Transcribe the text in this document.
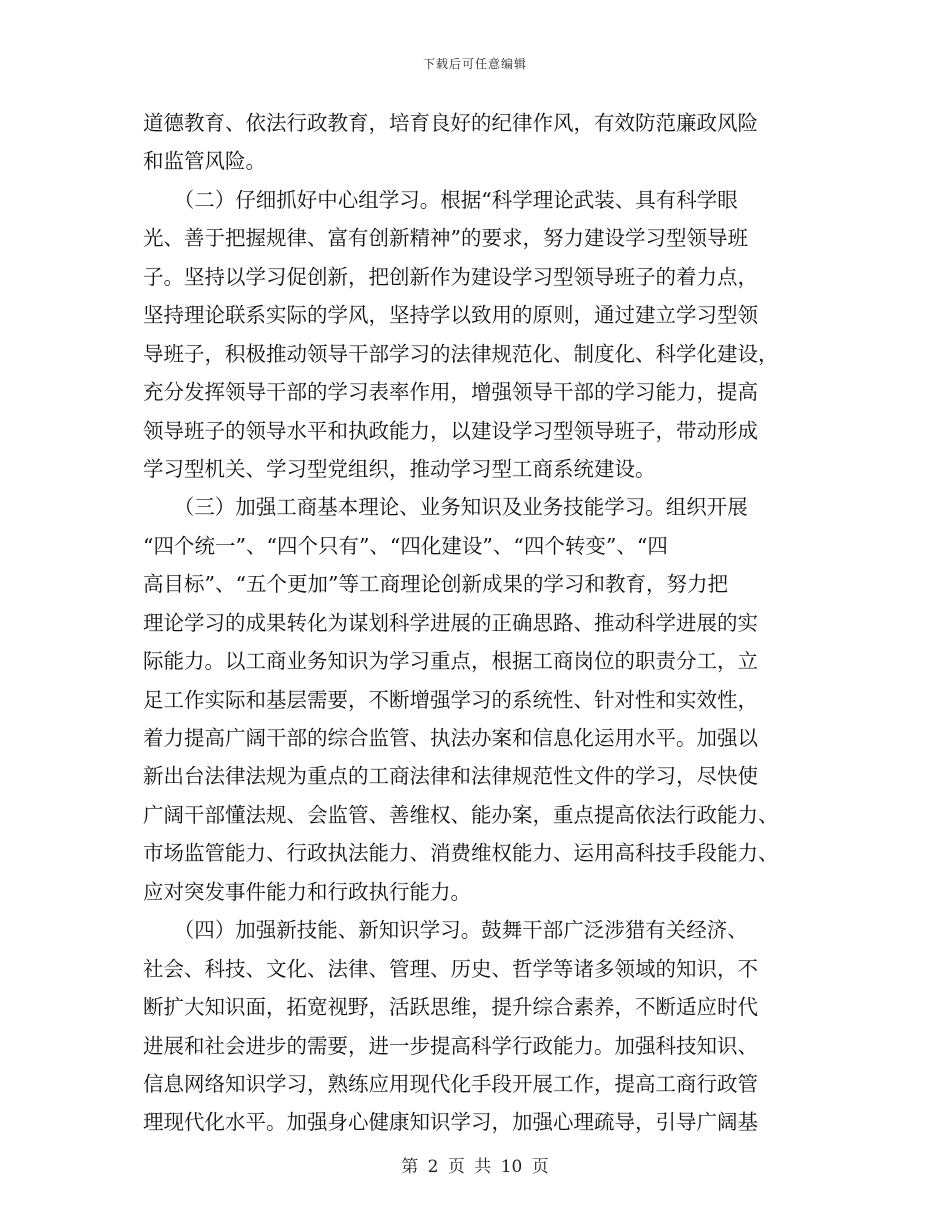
下载后可任意编辑
道德教育、依法行政教育，培育良好的纪律作风，有效防范廉政风险
和监管风险。
　　（二）仔细抓好中心组学习。根据“科学理论武装、具有科学眼
光、善于把握规律、富有创新精神”的要求，努力建设学习型领导班
子。坚持以学习促创新，把创新作为建设学习型领导班子的着力点，
坚持理论联系实际的学风，坚持学以致用的原则，通过建立学习型领
导班子，积极推动领导干部学习的法律规范化、制度化、科学化建设，
充分发挥领导干部的学习表率作用，增强领导干部的学习能力，提高
领导班子的领导水平和执政能力，以建设学习型领导班子，带动形成
学习型机关、学习型党组织，推动学习型工商系统建设。
　　（三）加强工商基本理论、业务知识及业务技能学习。组织开展
“四个统一”、“四个只有”、“四化建设”、“四个转变”、“四
高目标”、“五个更加”等工商理论创新成果的学习和教育，努力把
理论学习的成果转化为谋划科学进展的正确思路、推动科学进展的实
际能力。以工商业务知识为学习重点，根据工商岗位的职责分工，立
足工作实际和基层需要，不断增强学习的系统性、针对性和实效性，
着力提高广阔干部的综合监管、执法办案和信息化运用水平。加强以
新出台法律法规为重点的工商法律和法律规范性文件的学习，尽快使
广阔干部懂法规、会监管、善维权、能办案，重点提高依法行政能力、
市场监管能力、行政执法能力、消费维权能力、运用高科技手段能力、
应对突发事件能力和行政执行能力。
　　（四）加强新技能、新知识学习。鼓舞干部广泛涉猎有关经济、
社会、科技、文化、法律、管理、历史、哲学等诸多领域的知识，不
断扩大知识面，拓宽视野，活跃思维，提升综合素养，不断适应时代
进展和社会进步的需要，进一步提高科学行政能力。加强科技知识、
信息网络知识学习，熟练应用现代化手段开展工作，提高工商行政管
理现代化水平。加强身心健康知识学习，加强心理疏导，引导广阔基
第 2 页 共 10 页
